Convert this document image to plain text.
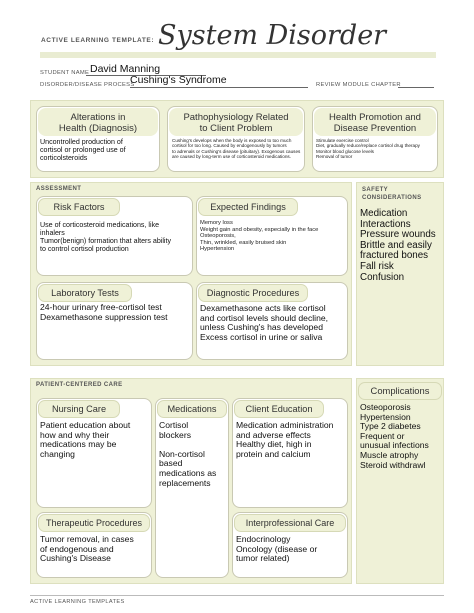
ACTIVE LEARNING TEMPLATE: System Disorder
STUDENT NAME David Manning
DISORDER/DISEASE PROCESS
Cushing's Syndrome	REVIEW MODULE CHAPTER
Alterations in
Health (Diagnosis)
Uncontrolled production of
cortisol or prolonged use of
corticolsteroids
Pathophysiology Related
to Client Problem
Cushing's develops when the body is exposed to too much
cortisol for too long. Caused by endogenously by tumors
to adrenals or Cushing's disease (pituitary). Exogenous causes
are caused by long-term use of corticosteroid medications.
Health Promotion and
Disease Prevention
Stimulate exercise control
Diet, gradually reduce/replace cortisol drug therapy
Monitor blood glucose levels
Removal of tumor
ASSESSMENT
Risk Factors
Use of corticosteroid medications, like
inhalers
Tumor(benign) formation that alters ability
to control cortisol production
Expected Findings
Memory loss
Weight gain and obesity, especially in the face
Osteoporosis,
Thin, wrinkled, easily bruised skin
Hypertension
Laboratory Tests
24-hour urinary free-cortisol test
Dexamethasone suppression test
Diagnostic Procedures
Dexamethasone acts like cortisol
and cortisol levels should decline,
unless Cushing's has developed
Excess cortisol in urine or saliva
SAFETY
CONSIDERATIONS
Medication
Interactions
Pressure wounds
Brittle and easily
fractured bones
Fall risk
Confusion
PATIENT-CENTERED CARE
Nursing Care
Patient education about
how and why their
medications may be
changing
Medications
Cortisol
blockers

Non-cortisol
based
medications as
replacements
Client Education
Medication administration
and adverse effects
Healthy diet, high in
protein and calcium
Therapeutic Procedures
Tumor removal, in cases
of endogenous and
Cushing's Disease
Interprofessional Care
Endocrinology
Oncology (disease or
tumor related)
Complications
Osteoporosis
Hypertension
Type 2 diabetes
Frequent or
unusual infections
Muscle atrophy
Steroid withdrawl
ACTIVE LEARNING TEMPLATES
